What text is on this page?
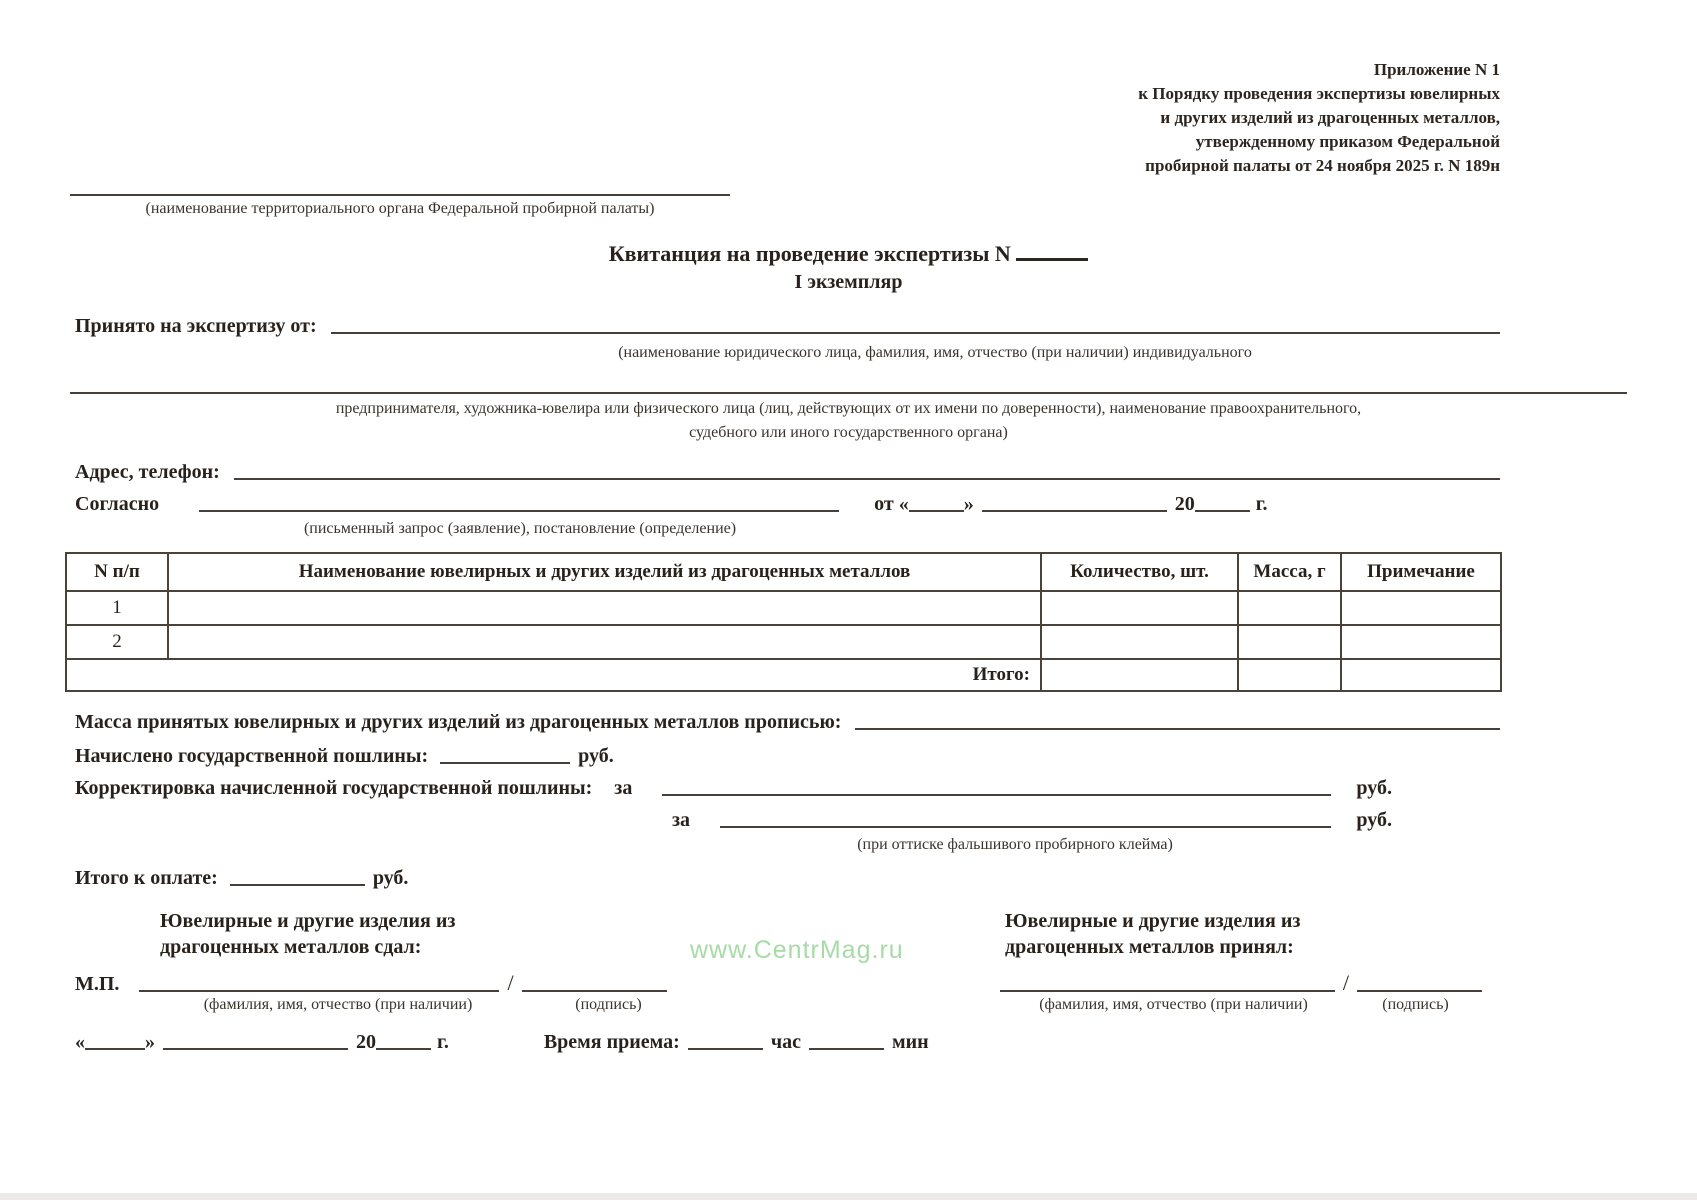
Приложение N 1
к Порядку проведения экспертизы ювелирных
и других изделий из драгоценных металлов,
утвержденному приказом Федеральной
пробирной палаты от 24 ноября 2025 г. N 189н
(наименование территориального органа Федеральной пробирной палаты)
Квитанция на проведение экспертизы N
I экземпляр
Принято на экспертизу от:
(наименование юридического лица, фамилия, имя, отчество (при наличии) индивидуального
предпринимателя, художника-ювелира или физического лица (лиц, действующих от их имени по доверенности), наименование правоохранительного,
судебного или иного государственного органа)
Адрес, телефон:
Согласно	от «	»	20	г.
(письменный запрос (заявление), постановление (определение)
N п/п	Наименование ювелирных и других изделий из драгоценных металлов	Количество, шт.	Масса, г	Примечание
1				
2				
Итого:				
Масса принятых ювелирных и других изделий из драгоценных металлов прописью:
Начислено государственной пошлины:	руб.
Корректировка начисленной государственной пошлины: за	руб.
за	руб.
(при оттиске фальшивого пробирного клейма)
Итого к оплате:	руб.
Ювелирные и другие изделия из
драгоценных металлов сдал:
Ювелирные и другие изделия из
драгоценных металлов принял:
М.П.	/	/
(фамилия, имя, отчество (при наличии)	(подпись)	(фамилия, имя, отчество (при наличии)	(подпись)
«	»	20	г.	Время приема:	час	мин
www.CentrMag.ru
